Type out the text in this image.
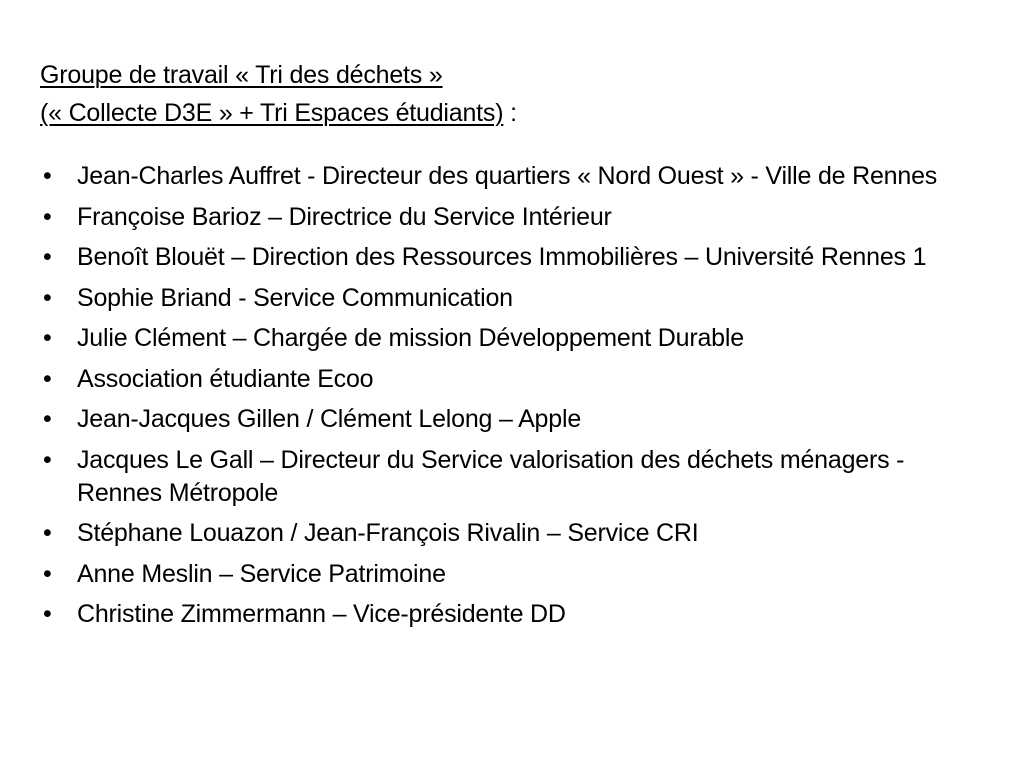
Groupe de travail « Tri des déchets »
(« Collecte D3E » + Tri Espaces étudiants) :
• Jean-Charles Auffret - Directeur des quartiers « Nord Ouest » - Ville de Rennes
• Françoise Barioz – Directrice du Service Intérieur
• Benoît Blouët – Direction des Ressources Immobilières – Université Rennes 1
• Sophie Briand - Service Communication
• Julie Clément – Chargée de mission Développement Durable
• Association étudiante Ecoo
• Jean-Jacques Gillen / Clément Lelong – Apple
• Jacques Le Gall – Directeur du Service valorisation des déchets ménagers - Rennes Métropole
• Stéphane Louazon / Jean-François Rivalin – Service CRI
• Anne Meslin – Service Patrimoine
• Christine Zimmermann – Vice-présidente DD
